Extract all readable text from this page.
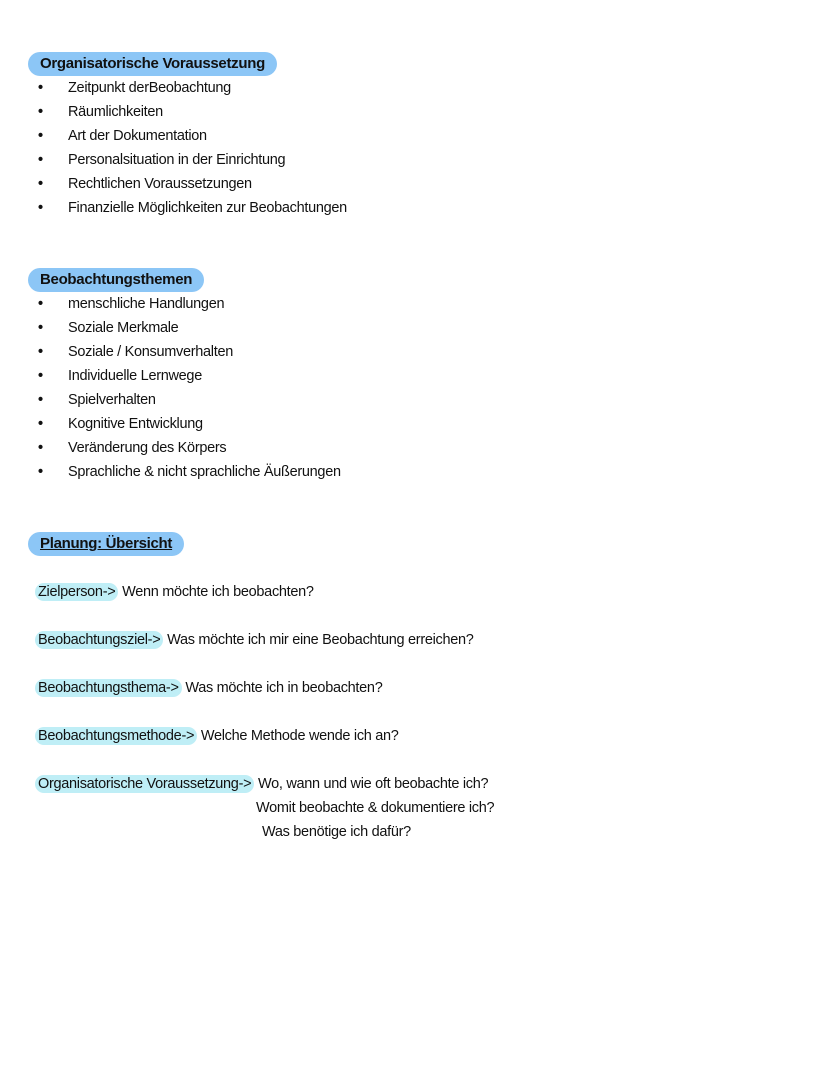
Organisatorische Voraussetzung
• Zeitpunkt derBeobachtung
• Räumlichkeiten
• Art der Dokumentation
• Personalsituation in der Einrichtung
• Rechtlichen Voraussetzungen
• Finanzielle Möglichkeiten zur Beobachtungen
Beobachtungsthemen
• menschliche Handlungen
• Soziale Merkmale
• Soziale / Konsumverhalten
• Individuelle Lernwege
• Spielverhalten
• Kognitive Entwicklung
• Veränderung des Körpers
• Sprachliche & nicht sprachliche Äußerungen
Planung: Übersicht
Zielperson-> Wenn möchte ich beobachten?
Beobachtungsziel-> Was möchte ich mir eine Beobachtung erreichen?
Beobachtungsthema-> Was möchte ich in beobachten?
Beobachtungsmethode-> Welche Methode wende ich an?
Organisatorische Voraussetzung-> Wo, wann und wie oft beobachte ich?
Womit beobachte & dokumentiere ich?
Was benötige ich dafür?
